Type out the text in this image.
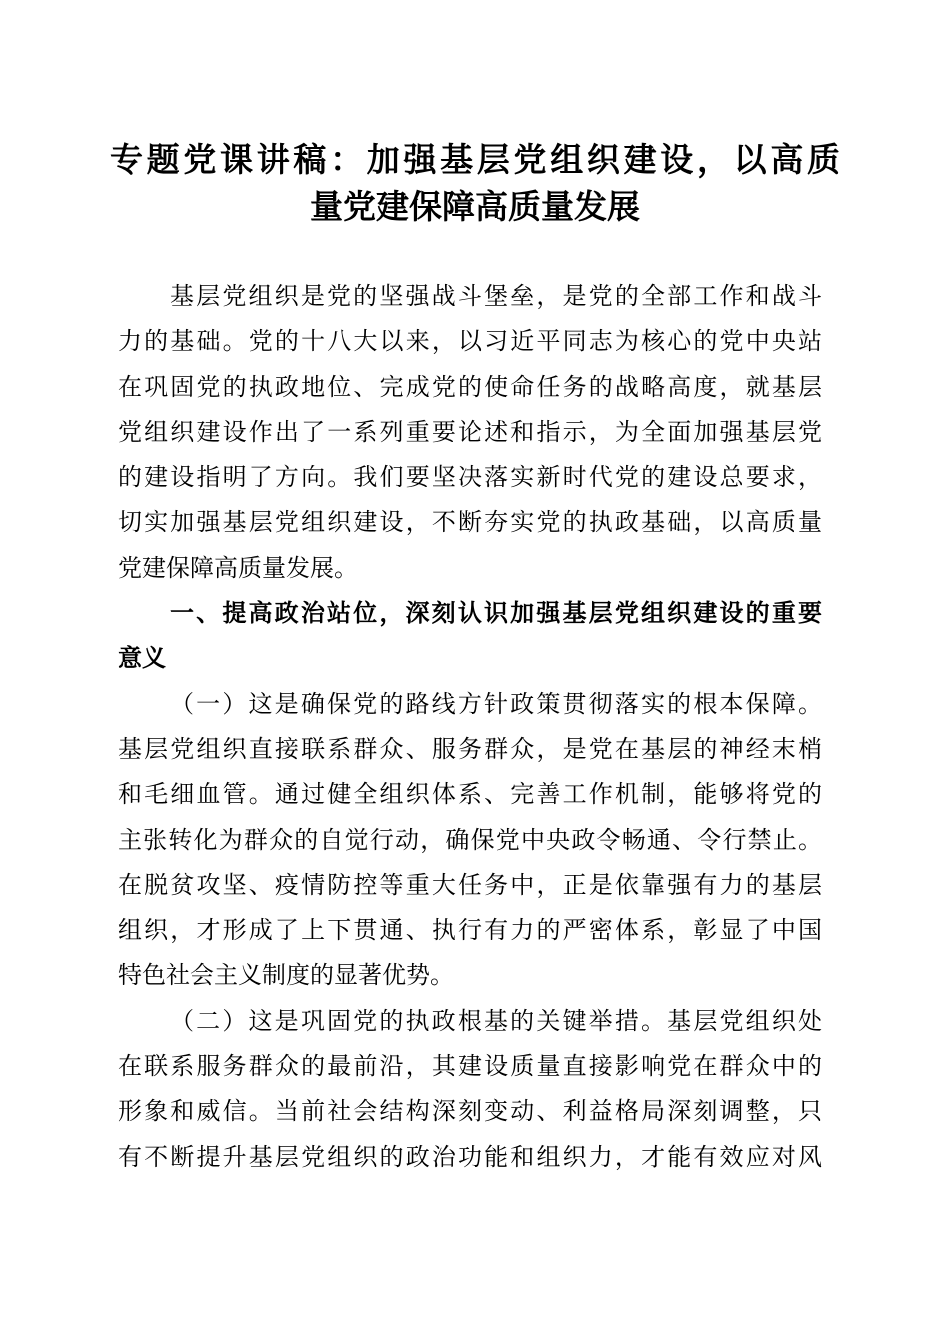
专题党课讲稿：加强基层党组织建设，以高质
量党建保障高质量发展
基层党组织是党的坚强战斗堡垒，是党的全部工作和战斗
力的基础。党的十八大以来，以习近平同志为核心的党中央站
在巩固党的执政地位、完成党的使命任务的战略高度，就基层
党组织建设作出了一系列重要论述和指示，为全面加强基层党
的建设指明了方向。我们要坚决落实新时代党的建设总要求，
切实加强基层党组织建设，不断夯实党的执政基础，以高质量
党建保障高质量发展。
一、提高政治站位，深刻认识加强基层党组织建设的重要
意义
（一）这是确保党的路线方针政策贯彻落实的根本保障。
基层党组织直接联系群众、服务群众，是党在基层的神经末梢
和毛细血管。通过健全组织体系、完善工作机制，能够将党的
主张转化为群众的自觉行动，确保党中央政令畅通、令行禁止。
在脱贫攻坚、疫情防控等重大任务中，正是依靠强有力的基层
组织，才形成了上下贯通、执行有力的严密体系，彰显了中国
特色社会主义制度的显著优势。
（二）这是巩固党的执政根基的关键举措。基层党组织处
在联系服务群众的最前沿，其建设质量直接影响党在群众中的
形象和威信。当前社会结构深刻变动、利益格局深刻调整，只
有不断提升基层党组织的政治功能和组织力，才能有效应对风
